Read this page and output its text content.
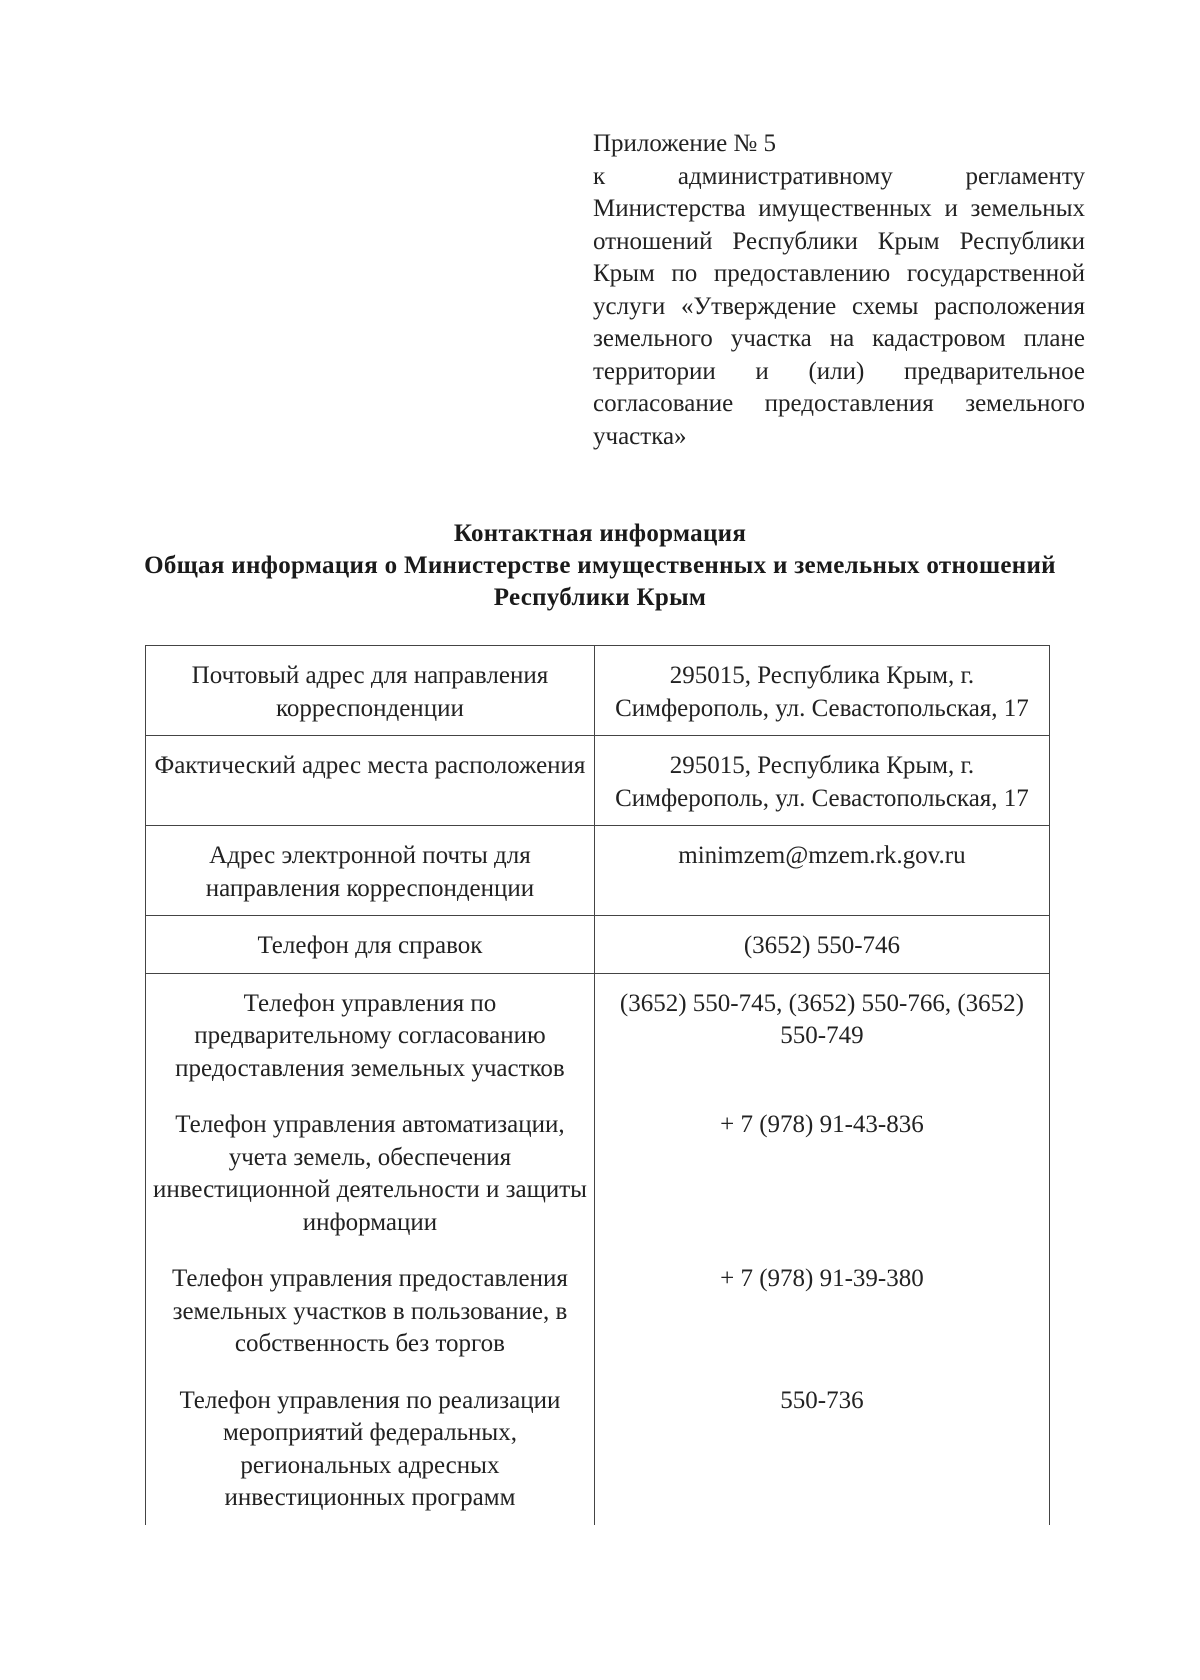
Приложение № 5
к административному регламенту Министерства имущественных и земельных отношений Республики Крым Республики Крым по предоставлению государственной услуги «Утверждение схемы расположения земельного участка на кадастровом плане территории и (или) предварительное согласование предоставления земельного участка»
Контактная информация
Общая информация о Министерстве имущественных и земельных отношений
Республики Крым
Почтовый адрес для направления корреспонденции	295015, Республика Крым, г. Симферополь, ул. Севастопольская, 17
Фактический адрес места расположения	295015, Республика Крым, г. Симферополь, ул. Севастопольская, 17
Адрес электронной почты для направления корреспонденции	minimzem@mzem.rk.gov.ru
Телефон для справок	(3652) 550-746
Телефон управления по предварительному согласованию предоставления земельных участков	(3652) 550-745, (3652) 550-766, (3652) 550-749
Телефон управления автоматизации, учета земель, обеспечения инвестиционной деятельности и защиты информации	+ 7 (978) 91-43-836
Телефон управления предоставления земельных участков в пользование, в собственность без торгов	+ 7 (978) 91-39-380
Телефон управления по реализации мероприятий федеральных, региональных адресных инвестиционных программ	550-736
